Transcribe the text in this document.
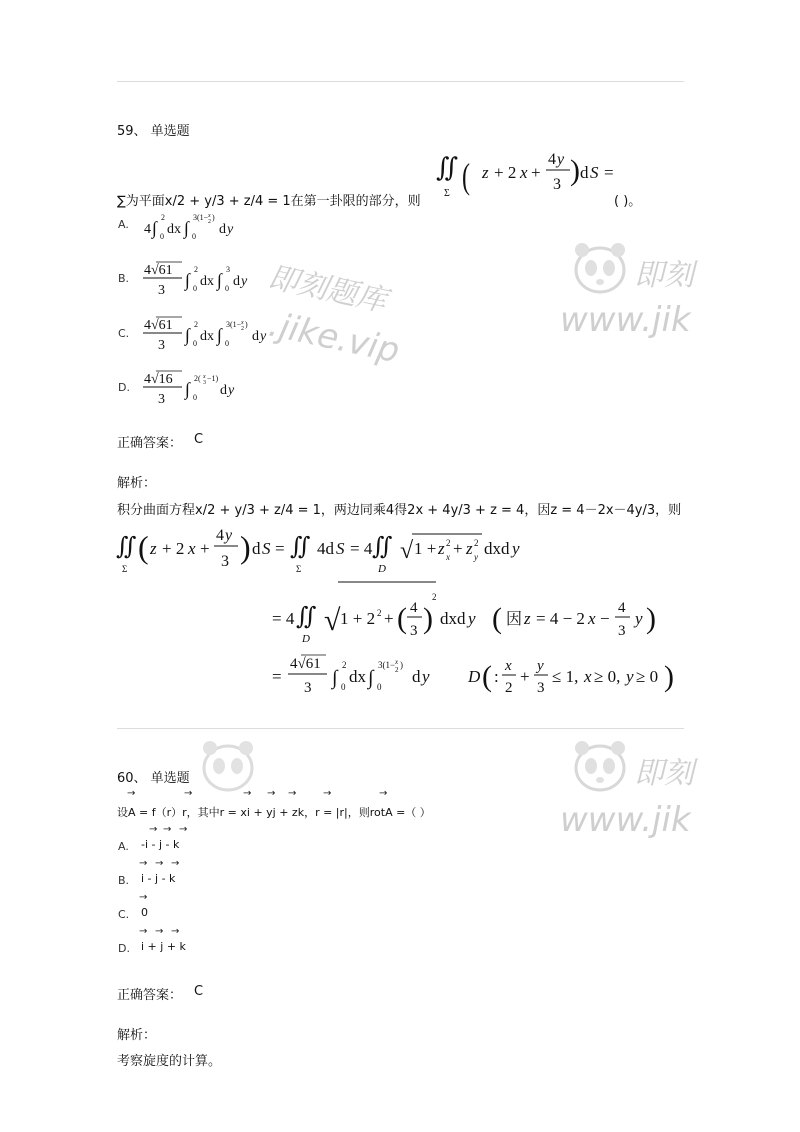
59、 单选题
∬
Σ ( z + 2 x +
4 y
3 ) d S =
∑为平面x/2 + y/3 + z/4 = 1在第一卦限的部分，则	( )。
A. 4 ∫
2
0 dx ∫
3(1− x
2 )
0 d y
B.
4√61
3
∫
2
0 dx ∫
3
0 d y
C.
4√61
3
∫
2
0 dx ∫
3(1− x
2 )
0 d y
D.
4√16
3
∫
2( x
3 −1)
0 d y
正确答案： C
解析：
积分曲面方程x/2 + y/3 + z/4 = 1，两边同乘4得2x + 4y/3 + z = 4，因z = 4－2x－4y/3，则
∬
Σ
( z + 2 x +
4 y
3 ) d S = ∬
Σ
4d S = 4 ∬
D
√ 1 + z 2
x + z 2
y dxd y
= 4 ∬
D
√ 1 + 2 2 + ( 4
3 )
2
dxd y ( 因 z = 4 − 2 x −
4
3
y )
=
4√61
3 ∫
2
0
dx ∫
3(1− x
2 )
0
d y D ( :
x
2
+
y
3
≤ 1, x ≥ 0, y ≥ 0 )
60、 单选题
设A = f（r）r，其中r = xi + yj + zk，r = |r|，则rotA =（ ）
→	→	→ → →	→	→
A. -i - j - k
→ → →
B. i - j - k
→ → →
C. 0
→
D. i + j + k
→ → →
正确答案： C
解析：
考察旋度的计算。
即刻
www.jik
即刻题库
.jike.vip
即刻
www.jik
